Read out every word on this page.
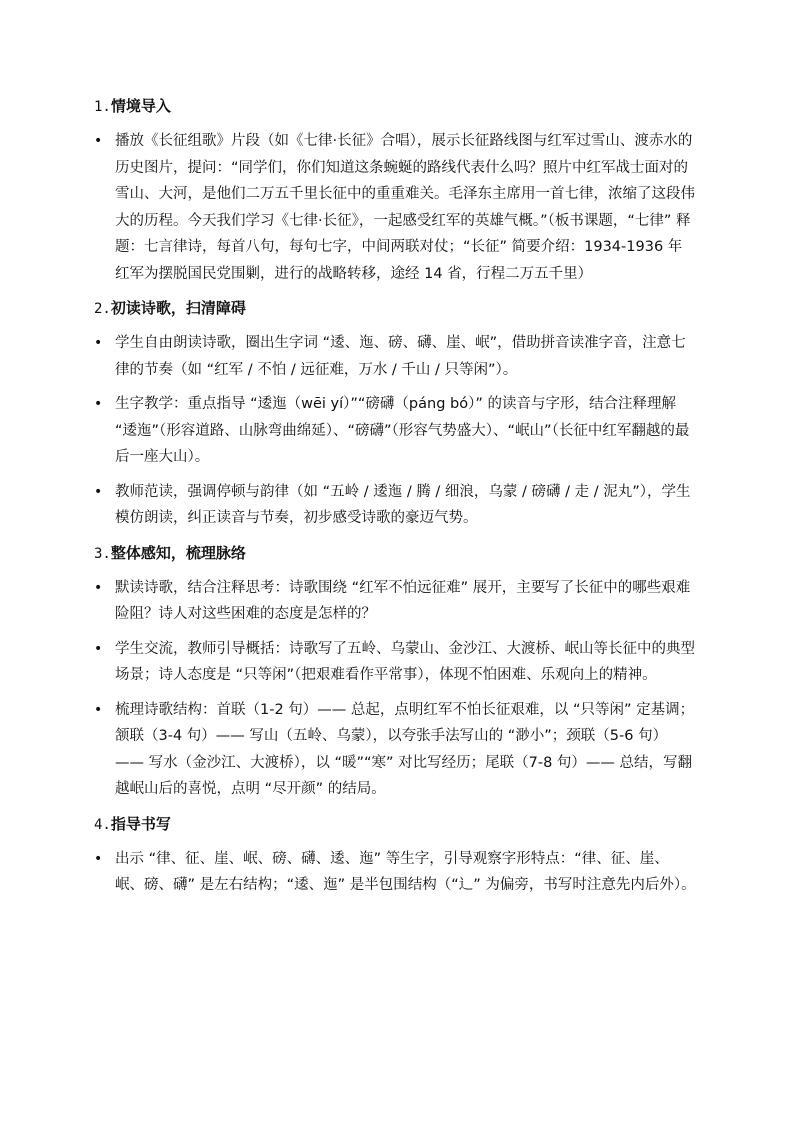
1.情境导入
• 播放《长征组歌》片段（如《七律·长征》合唱），展示长征路线图与红军过雪山、渡赤水的历史图片，提问：“同学们，你们知道这条蜿蜒的路线代表什么吗？照片中红军战士面对的雪山、大河，是他们二万五千里长征中的重重难关。毛泽东主席用一首七律，浓缩了这段伟大的历程。今天我们学习《七律·长征》，一起感受红军的英雄气概。”（板书课题，“七律” 释题：七言律诗，每首八句，每句七字，中间两联对仗；“长征” 简要介绍：1934-1936 年红军为摆脱国民党围剿，进行的战略转移，途经 14 省，行程二万五千里）
2.初读诗歌，扫清障碍
• 学生自由朗读诗歌，圈出生字词 “逶、迤、磅、礴、崖、岷”，借助拼音读准字音，注意七律的节奏（如 “红军 / 不怕 / 远征难，万水 / 千山 / 只等闲”）。
• 生字教学：重点指导 “逶迤（wēi yí）”“磅礴（páng bó）” 的读音与字形，结合注释理解 “逶迤”（形容道路、山脉弯曲绵延）、“磅礴”（形容气势盛大）、“岷山”（长征中红军翻越的最后一座大山）。
• 教师范读，强调停顿与韵律（如 “五岭 / 逶迤 / 腾 / 细浪，乌蒙 / 磅礴 / 走 / 泥丸”），学生模仿朗读，纠正读音与节奏，初步感受诗歌的豪迈气势。
3.整体感知，梳理脉络
• 默读诗歌，结合注释思考：诗歌围绕 “红军不怕远征难” 展开，主要写了长征中的哪些艰难险阻？诗人对这些困难的态度是怎样的？
• 学生交流，教师引导概括：诗歌写了五岭、乌蒙山、金沙江、大渡桥、岷山等长征中的典型场景；诗人态度是 “只等闲”（把艰难看作平常事），体现不怕困难、乐观向上的精神。
• 梳理诗歌结构：首联（1-2 句）—— 总起，点明红军不怕长征艰难，以 “只等闲” 定基调；颔联（3-4 句）—— 写山（五岭、乌蒙），以夸张手法写山的 “渺小”；颈联（5-6 句）—— 写水（金沙江、大渡桥），以 “暖”“寒” 对比写经历；尾联（7-8 句）—— 总结，写翻越岷山后的喜悦，点明 “尽开颜” 的结局。
4.指导书写
• 出示 “律、征、崖、岷、磅、礴、逶、迤” 等生字，引导观察字形特点：“律、征、崖、岷、磅、礴” 是左右结构；“逶、迤” 是半包围结构（“辶” 为偏旁，书写时注意先内后外）。
